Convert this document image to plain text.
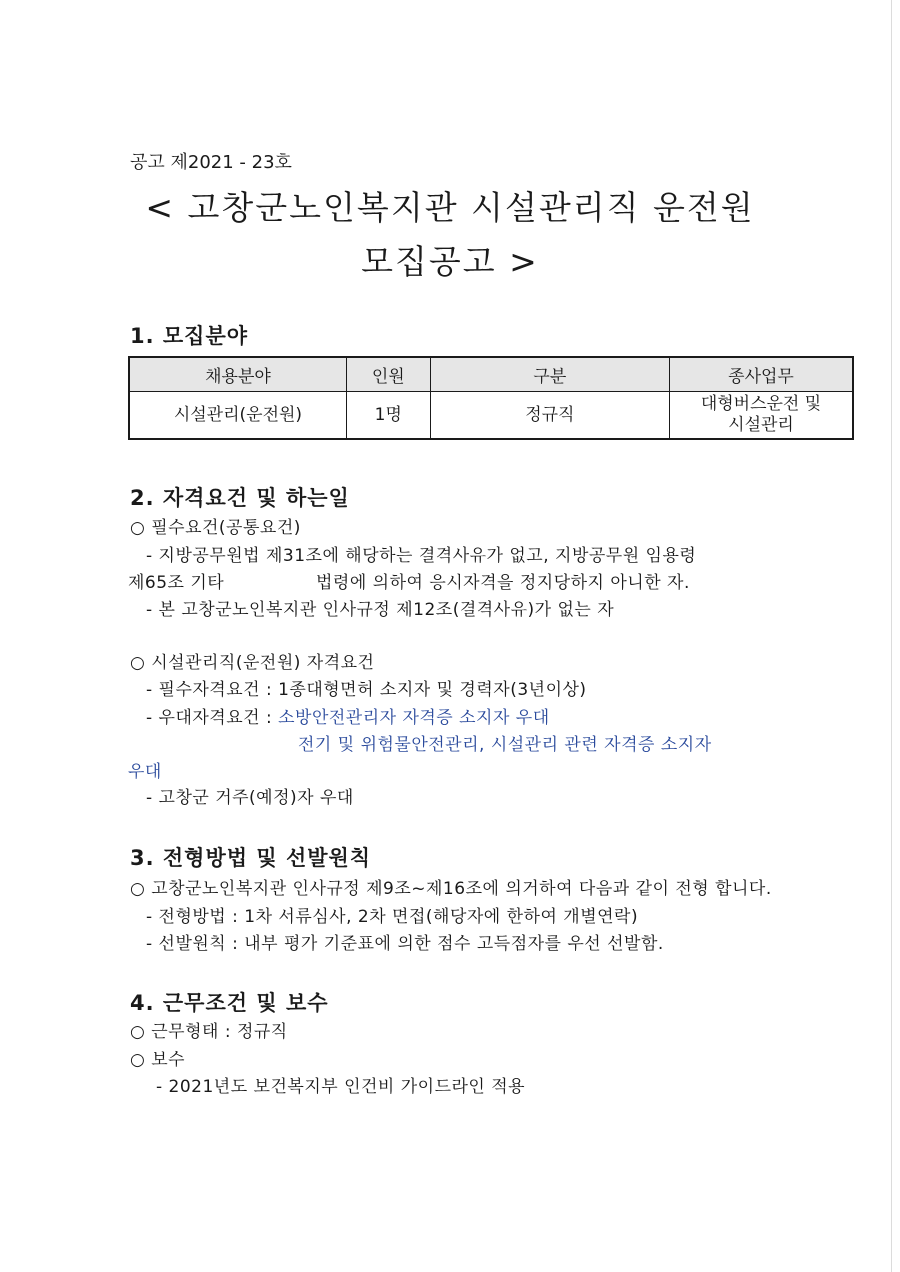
공고 제2021 - 23호
< 고창군노인복지관 시설관리직 운전원
모집공고 >
1. 모집분야
채용분야	인원	구분	종사업무
시설관리(운전원)	1명	정규직	대형버스운전 및
시설관리
2. 자격요건 및 하는일
○ 필수요건(공통요건)
- 지방공무원법 제31조에 해당하는 결격사유가 없고, 지방공무원 임용령
제65조 기타	법령에 의하여 응시자격을 정지당하지 아니한 자.
- 본 고창군노인복지관 인사규정 제12조(결격사유)가 없는 자
○ 시설관리직(운전원) 자격요건
- 필수자격요건 : 1종대형면허 소지자 및 경력자(3년이상)
- 우대자격요건 : 소방안전관리자 자격증 소지자 우대
전기 및 위험물안전관리, 시설관리 관련 자격증 소지자
우대
- 고창군 거주(예정)자 우대
3. 전형방법 및 선발원칙
○ 고창군노인복지관 인사규정 제9조~제16조에 의거하여 다음과 같이 전형 합니다.
- 전형방법 : 1차 서류심사, 2차 면접(해당자에 한하여 개별연락)
- 선발원칙 : 내부 평가 기준표에 의한 점수 고득점자를 우선 선발함.
4. 근무조건 및 보수
○ 근무형태 : 정규직
○ 보수
- 2021년도 보건복지부 인건비 가이드라인 적용
